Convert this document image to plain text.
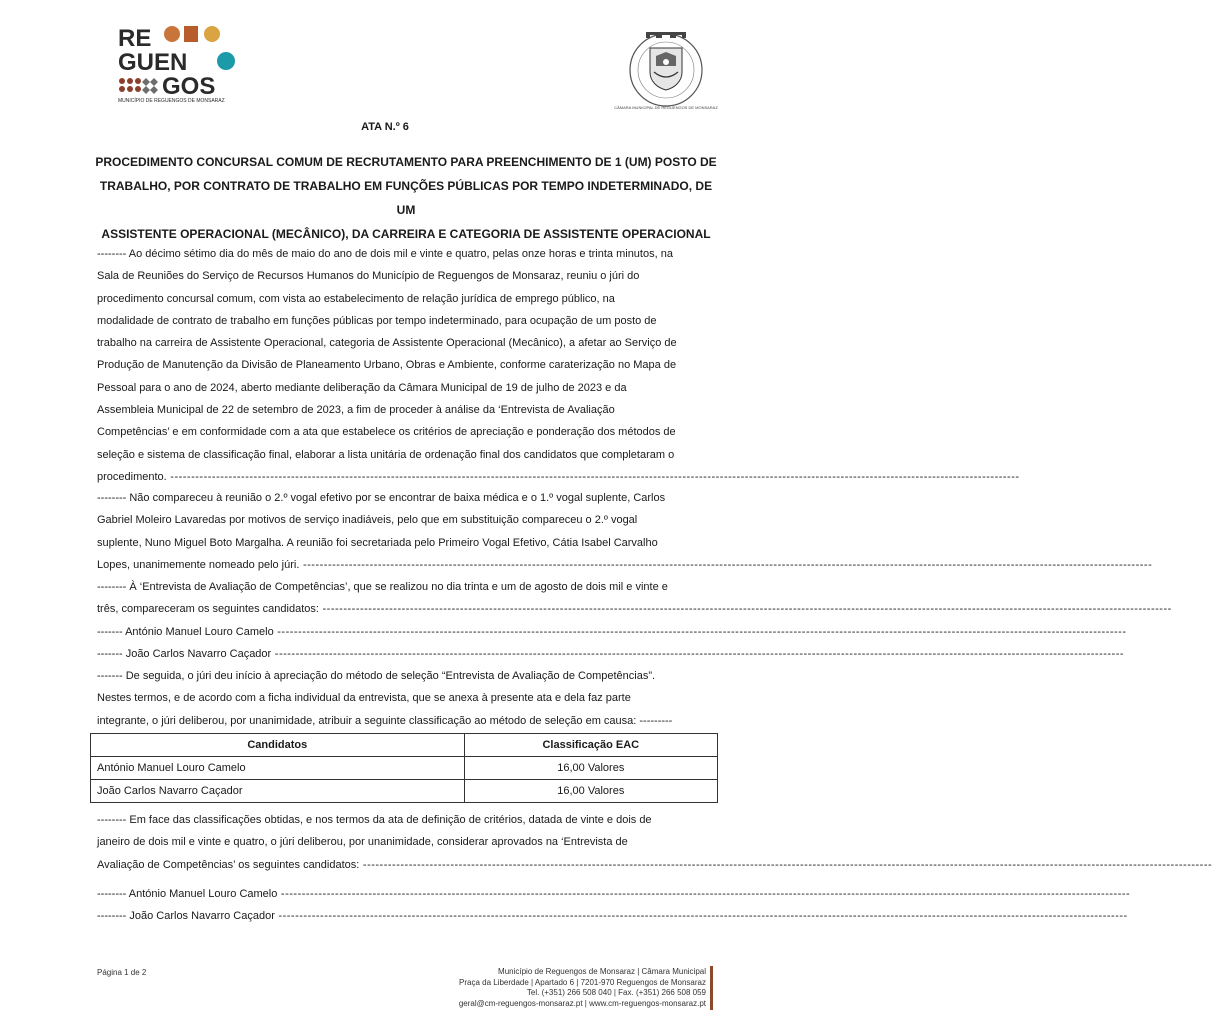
RE
GUEN
GOS
MUNICÍPIO DE REGUENGOS DE MONSARAZ
CÂMARA MUNICIPAL DE REGUENGOS DE MONSARAZ
ATA N.º 6
PROCEDIMENTO CONCURSAL COMUM DE RECRUTAMENTO PARA PREENCHIMENTO DE 1 (UM) POSTO DE
TRABALHO, POR CONTRATO DE TRABALHO EM FUNÇÕES PÚBLICAS POR TEMPO INDETERMINADO, DE UM
ASSISTENTE OPERACIONAL (MECÂNICO), DA CARREIRA E CATEGORIA DE ASSISTENTE OPERACIONAL
-------- Ao décimo sétimo dia do mês de maio do ano de dois mil e vinte e quatro, pelas onze horas e trinta minutos, na
Sala de Reuniões do Serviço de Recursos Humanos do Município de Reguengos de Monsaraz, reuniu o júri do
procedimento concursal comum, com vista ao estabelecimento de relação jurídica de emprego público, na
modalidade de contrato de trabalho em funções públicas por tempo indeterminado, para ocupação de um posto de
trabalho na carreira de Assistente Operacional, categoria de Assistente Operacional (Mecânico), a afetar ao Serviço de
Produção de Manutenção da Divisão de Planeamento Urbano, Obras e Ambiente, conforme caraterização no Mapa de
Pessoal para o ano de 2024, aberto mediante deliberação da Câmara Municipal de 19 de julho de 2023 e da
Assembleia Municipal de 22 de setembro de 2023, a fim de proceder à análise da ‘Entrevista de Avaliação
Competências’ e em conformidade com a ata que estabelece os critérios de apreciação e ponderação dos métodos de
seleção e sistema de classificação final, elaborar a lista unitária de ordenação final dos candidatos que completaram o
procedimento. -----
-------- Não compareceu à reunião o 2.º vogal efetivo por se encontrar de baixa médica e o 1.º vogal suplente, Carlos
Gabriel Moleiro Lavaredas por motivos de serviço inadiáveis, pelo que em substituição compareceu o 2.º vogal
suplente, Nuno Miguel Boto Margalha. A reunião foi secretariada pelo Primeiro Vogal Efetivo, Cátia Isabel Carvalho
Lopes, unanimemente nomeado pelo júri. -----
-------- À ‘Entrevista de Avaliação de Competências’, que se realizou no dia trinta e um de agosto de dois mil e vinte e
três, compareceram os seguintes candidatos: -----
------- António Manuel Louro Camelo -----
------- João Carlos Navarro Caçador -----
------- De seguida, o júri deu início à apreciação do método de seleção “Entrevista de Avaliação de Competências”.
Nestes termos, e de acordo com a ficha individual da entrevista, que se anexa à presente ata e dela faz parte
integrante, o júri deliberou, por unanimidade, atribuir a seguinte classificação ao método de seleção em causa: ---------
Candidatos	Classificação EAC
António Manuel Louro Camelo	16,00 Valores
João Carlos Navarro Caçador	16,00 Valores
-------- Em face das classificações obtidas, e nos termos da ata de definição de critérios, datada de vinte e dois de
janeiro de dois mil e vinte e quatro, o júri deliberou, por unanimidade, considerar aprovados na ‘Entrevista de
Avaliação de Competências’ os seguintes candidatos: -----
-------- António Manuel Louro Camelo -----
-------- João Carlos Navarro Caçador -----
Página 1 de 2	Município de Reguengos de Monsaraz | Câmara Municipal
Praça da Liberdade | Apartado 6 | 7201-970 Reguengos de Monsaraz
Tel. (+351) 266 508 040 | Fax. (+351) 266 508 059
geral@cm-reguengos-monsaraz.pt | www.cm-reguengos-monsaraz.pt
